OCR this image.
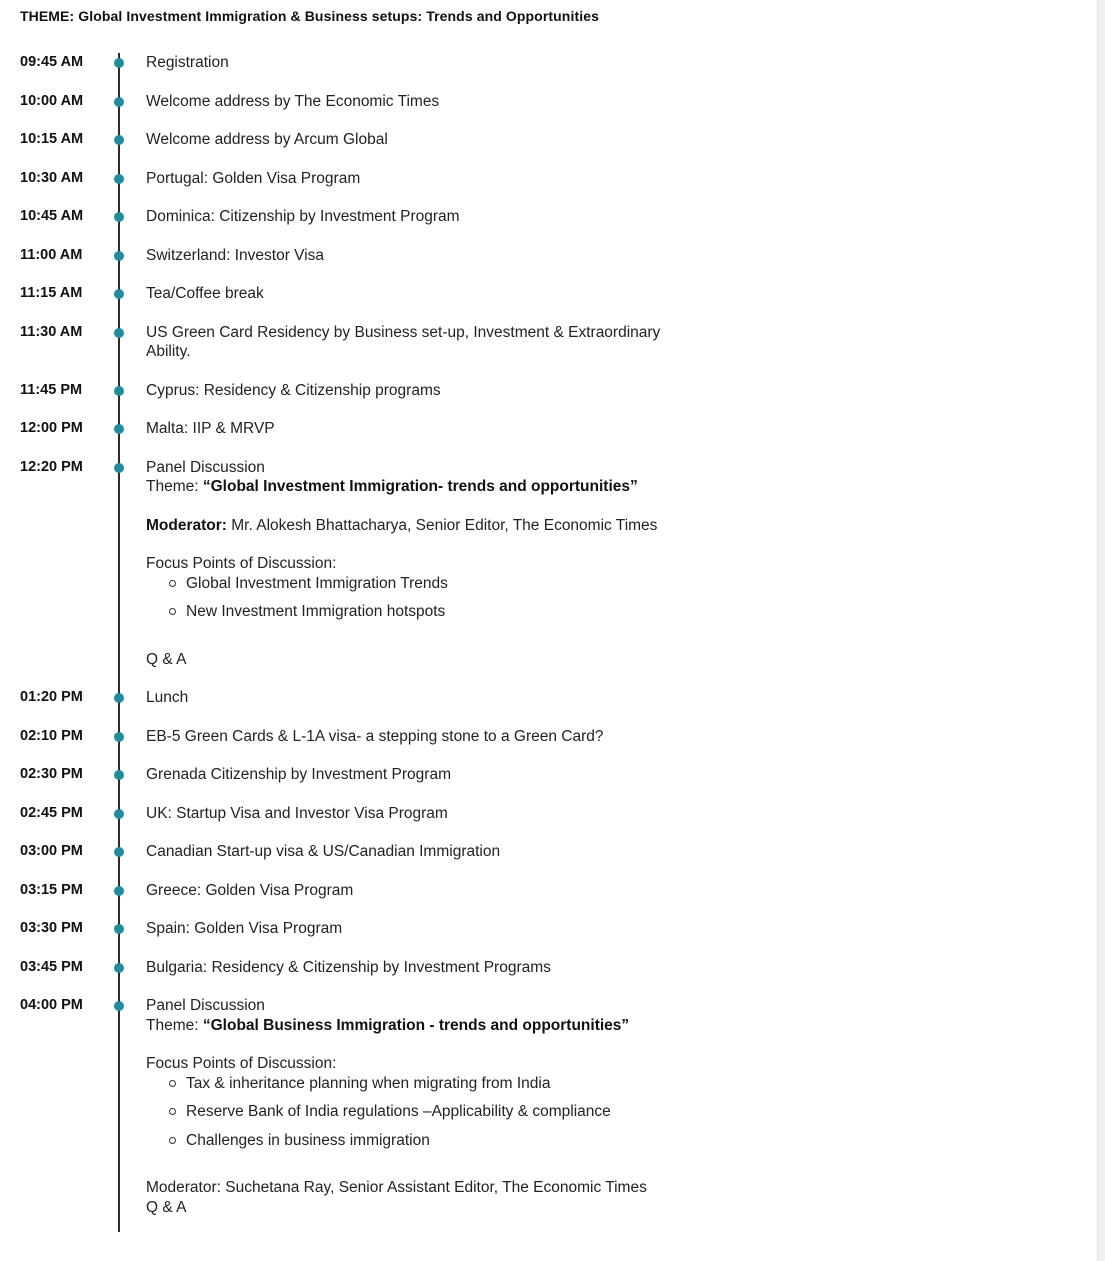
THEME: Global Investment Immigration & Business setups: Trends and Opportunities
09:45 AM	Registration
10:00 AM	Welcome address by The Economic Times
10:15 AM	Welcome address by Arcum Global
10:30 AM	Portugal: Golden Visa Program
10:45 AM	Dominica: Citizenship by Investment Program
11:00 AM	Switzerland: Investor Visa
11:15 AM	Tea/Coffee break
11:30 AM	US Green Card Residency by Business set-up, Investment & Extraordinary Ability.
11:45 PM	Cyprus: Residency & Citizenship programs
12:00 PM	Malta: IIP & MRVP
12:20 PM	Panel Discussion
Theme: “Global Investment Immigration- trends and opportunities”
Moderator: Mr. Alokesh Bhattacharya, Senior Editor, The Economic Times
Focus Points of Discussion:
Global Investment Immigration Trends
New Investment Immigration hotspots
Q & A
01:20 PM	Lunch
02:10 PM	EB-5 Green Cards & L-1A visa- a stepping stone to a Green Card?
02:30 PM	Grenada Citizenship by Investment Program
02:45 PM	UK: Startup Visa and Investor Visa Program
03:00 PM	Canadian Start-up visa & US/Canadian Immigration
03:15 PM	Greece: Golden Visa Program
03:30 PM	Spain: Golden Visa Program
03:45 PM	Bulgaria: Residency & Citizenship by Investment Programs
04:00 PM	Panel Discussion
Theme: “Global Business Immigration - trends and opportunities”
Focus Points of Discussion:
Tax & inheritance planning when migrating from India
Reserve Bank of India regulations –Applicability & compliance
Challenges in business immigration
Moderator: Suchetana Ray, Senior Assistant Editor, The Economic Times
Q & A
